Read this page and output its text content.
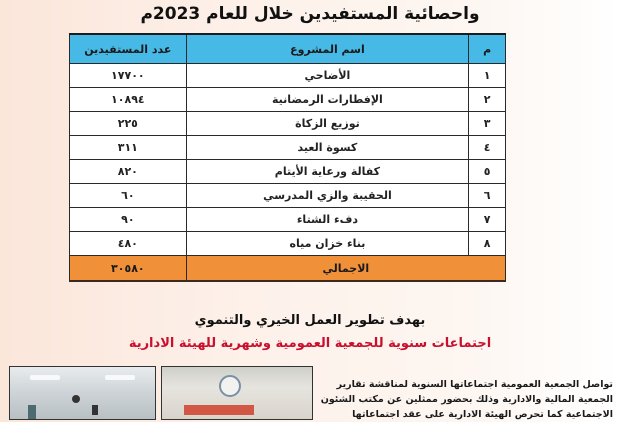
واحصائية المستفيدين خلال للعام 2023م
م	اسم المشروع	عدد المستفيدين
١	الأضاحي	١٧٧٠٠
٢	الإفطارات الرمضانية	١٠٨٩٤
٣	توزيع الزكاة	٢٢٥
٤	كسوة العيد	٣١١
٥	كفالة ورعاية الأيتام	٨٢٠
٦	الحقيبة والزي المدرسي	٦٠
٧	دفء الشتاء	٩٠
٨	بناء خزان مياه	٤٨٠
الاجمالي		٣٠٥٨٠
بهدف تطوير العمل الخيري والتنموي
اجتماعات سنوية للجمعية العمومية وشهرية للهيئة الادارية
تواصل الجمعية العمومية اجتماعاتها السنوية لمناقشة تقارير
الجمعية المالية والادارية وذلك بحضور ممثلين عن مكتب الشئون
الاجتماعية كما تحرص الهيئة الادارية على عقد اجتماعاتها
